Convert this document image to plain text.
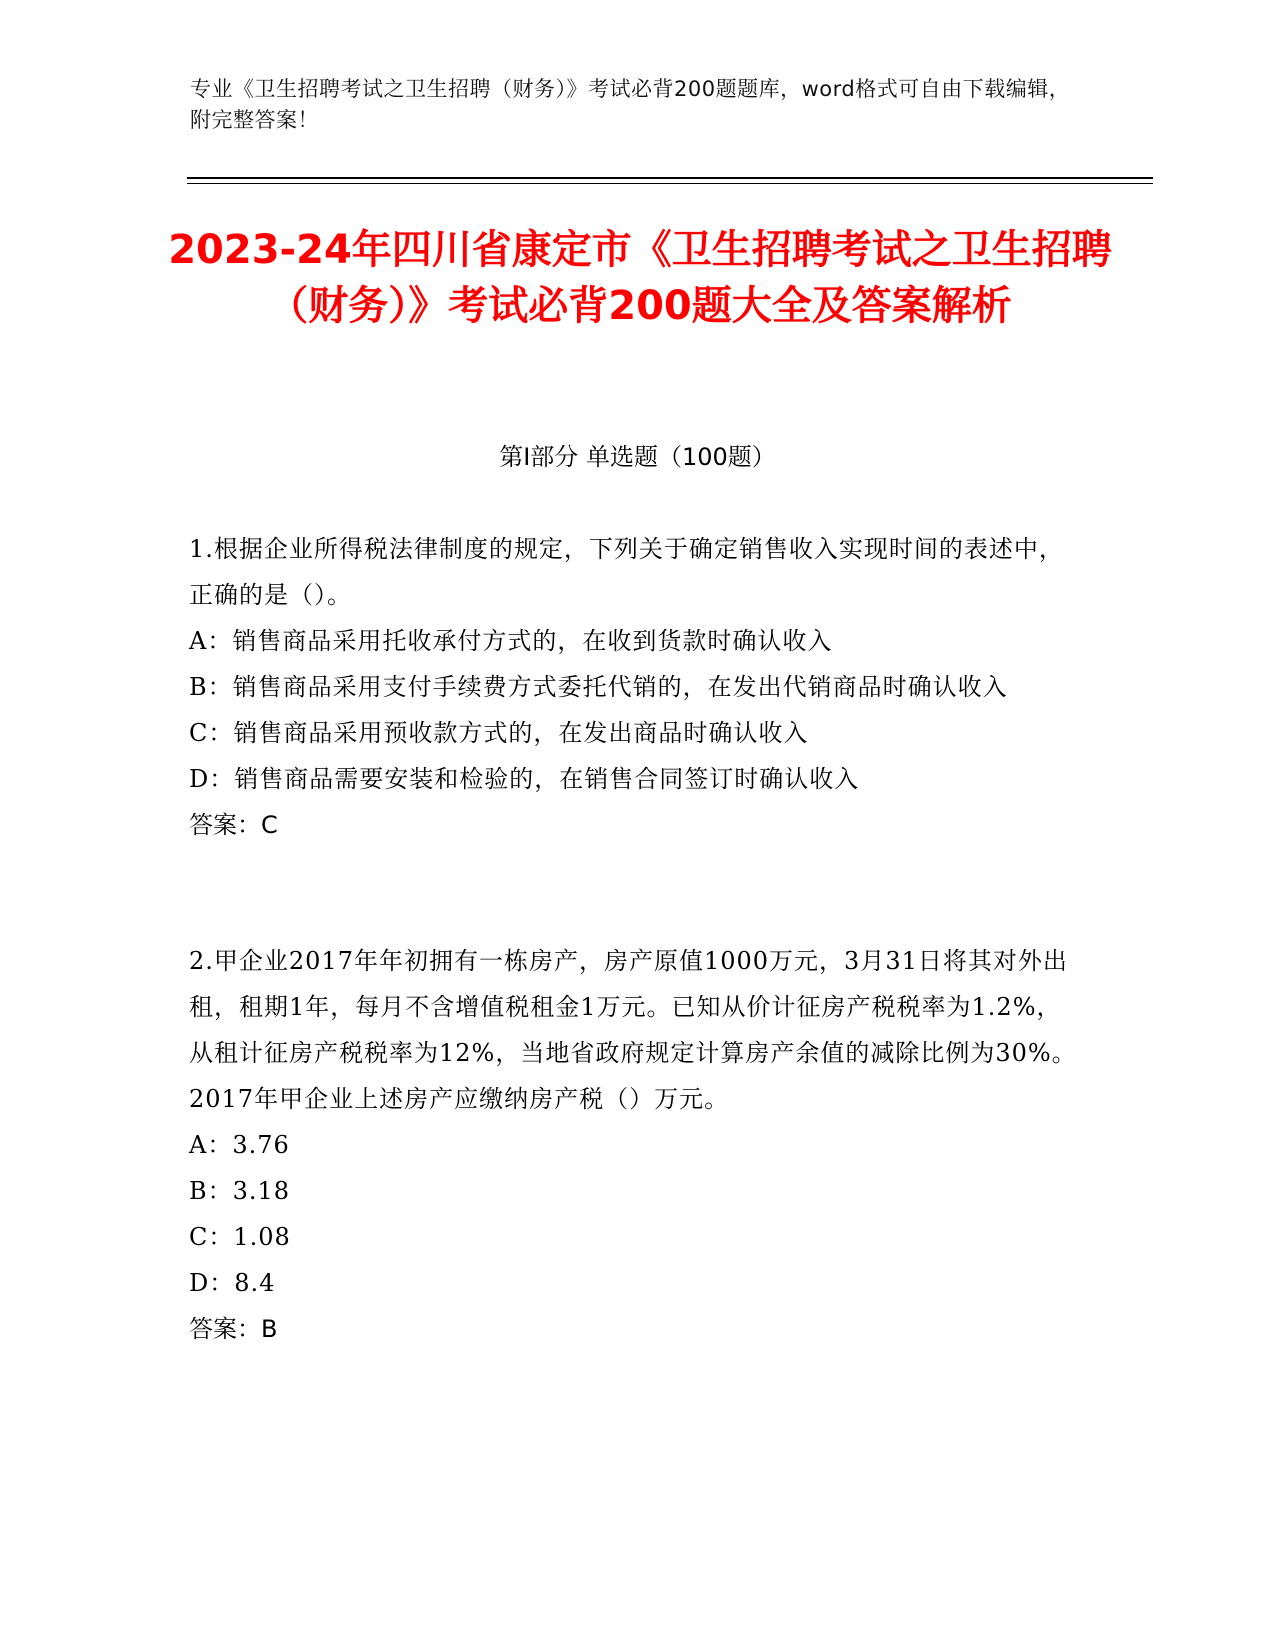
专业《卫生招聘考试之卫生招聘（财务）》考试必背200题题库，word格式可自由下载编辑，附完整答案！
2023-24年四川省康定市《卫生招聘考试之卫生招聘（财务）》考试必背200题大全及答案解析
第Ⅰ部分 单选题（100题）

1.根据企业所得税法律制度的规定，下列关于确定销售收入实现时间的表述中，正确的是（）。

A：销售商品采用托收承付方式的，在收到货款时确认收入

B：销售商品采用支付手续费方式委托代销的，在发出代销商品时确认收入

C：销售商品采用预收款方式的，在发出商品时确认收入

D：销售商品需要安装和检验的，在销售合同签订时确认收入

答案：C

2.甲企业2017年年初拥有一栋房产，房产原值1000万元，3月31日将其对外出租，租期1年，每月不含增值税租金1万元。已知从价计征房产税税率为1.2%，从租计征房产税税率为12%，当地省政府规定计算房产余值的减除比例为30%。2017年甲企业上述房产应缴纳房产税（）万元。

A：3.76

B：3.18

C：1.08

D：8.4

答案：B
